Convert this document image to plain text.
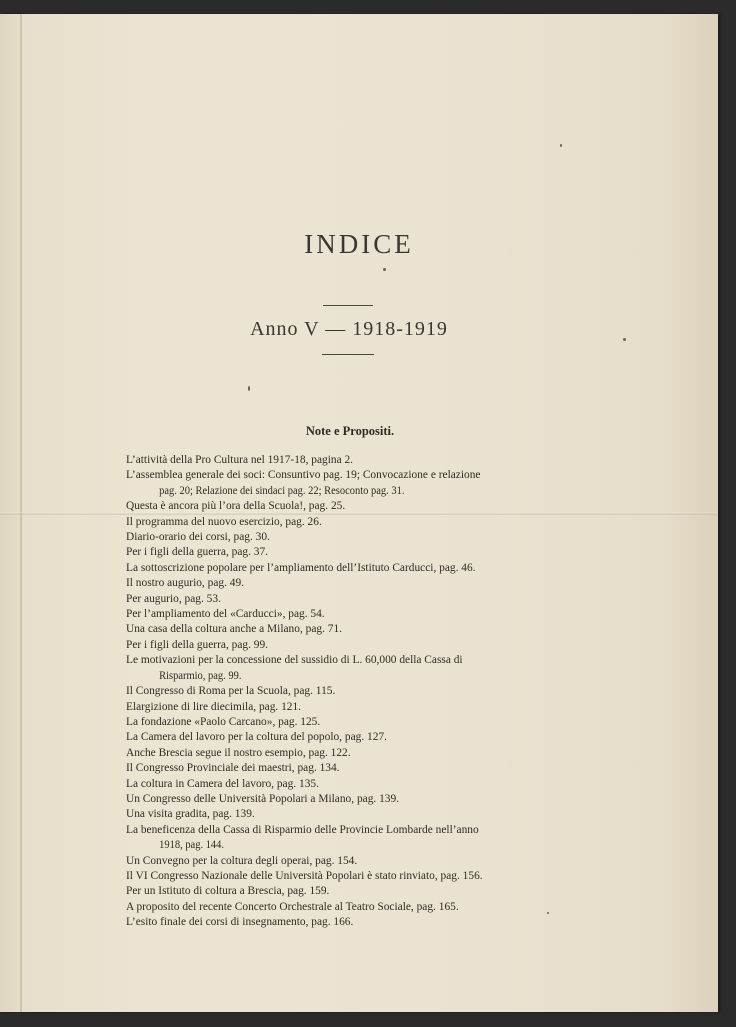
INDICE
Anno V — 1918-1919
Note e Propositi.
L’attività della Pro Cultura nel 1917-18, pagina 2.
L’assemblea generale dei soci: Consuntivo pag. 19; Convocazione e relazione
pag. 20; Relazione dei sindaci pag. 22; Resoconto pag. 31.
Questa è ancora più l’ora della Scuola!, pag. 25.
Il programma del nuovo esercizio, pag. 26.
Diario-orario dei corsi, pag. 30.
Per i figli della guerra, pag. 37.
La sottoscrizione popolare per l’ampliamento dell’Istituto Carducci, pag. 46.
Il nostro augurio, pag. 49.
Per augurio, pag. 53.
Per l’ampliamento del «Carducci», pag. 54.
Una casa della coltura anche a Milano, pag. 71.
Per i figli della guerra, pag. 99.
Le motivazioni per la concessione del sussidio di L. 60,000 della Cassa di
Risparmio, pag. 99.
Il Congresso di Roma per la Scuola, pag. 115.
Elargizione di lire diecimila, pag. 121.
La fondazione «Paolo Carcano», pag. 125.
La Camera del lavoro per la coltura del popolo, pag. 127.
Anche Brescia segue il nostro esempio, pag. 122.
Il Congresso Provinciale dei maestri, pag. 134.
La coltura in Camera del lavoro, pag. 135.
Un Congresso delle Università Popolari a Milano, pag. 139.
Una visita gradita, pag. 139.
La beneficenza della Cassa di Risparmio delle Provincie Lombarde nell’anno
1918, pag. 144.
Un Convegno per la coltura degli operai, pag. 154.
Il VI Congresso Nazionale delle Università Popolari è stato rinviato, pag. 156.
Per un Istituto di coltura a Brescia, pag. 159.
A proposito del recente Concerto Orchestrale al Teatro Sociale, pag. 165.
L’esito finale dei corsi di insegnamento, pag. 166.
